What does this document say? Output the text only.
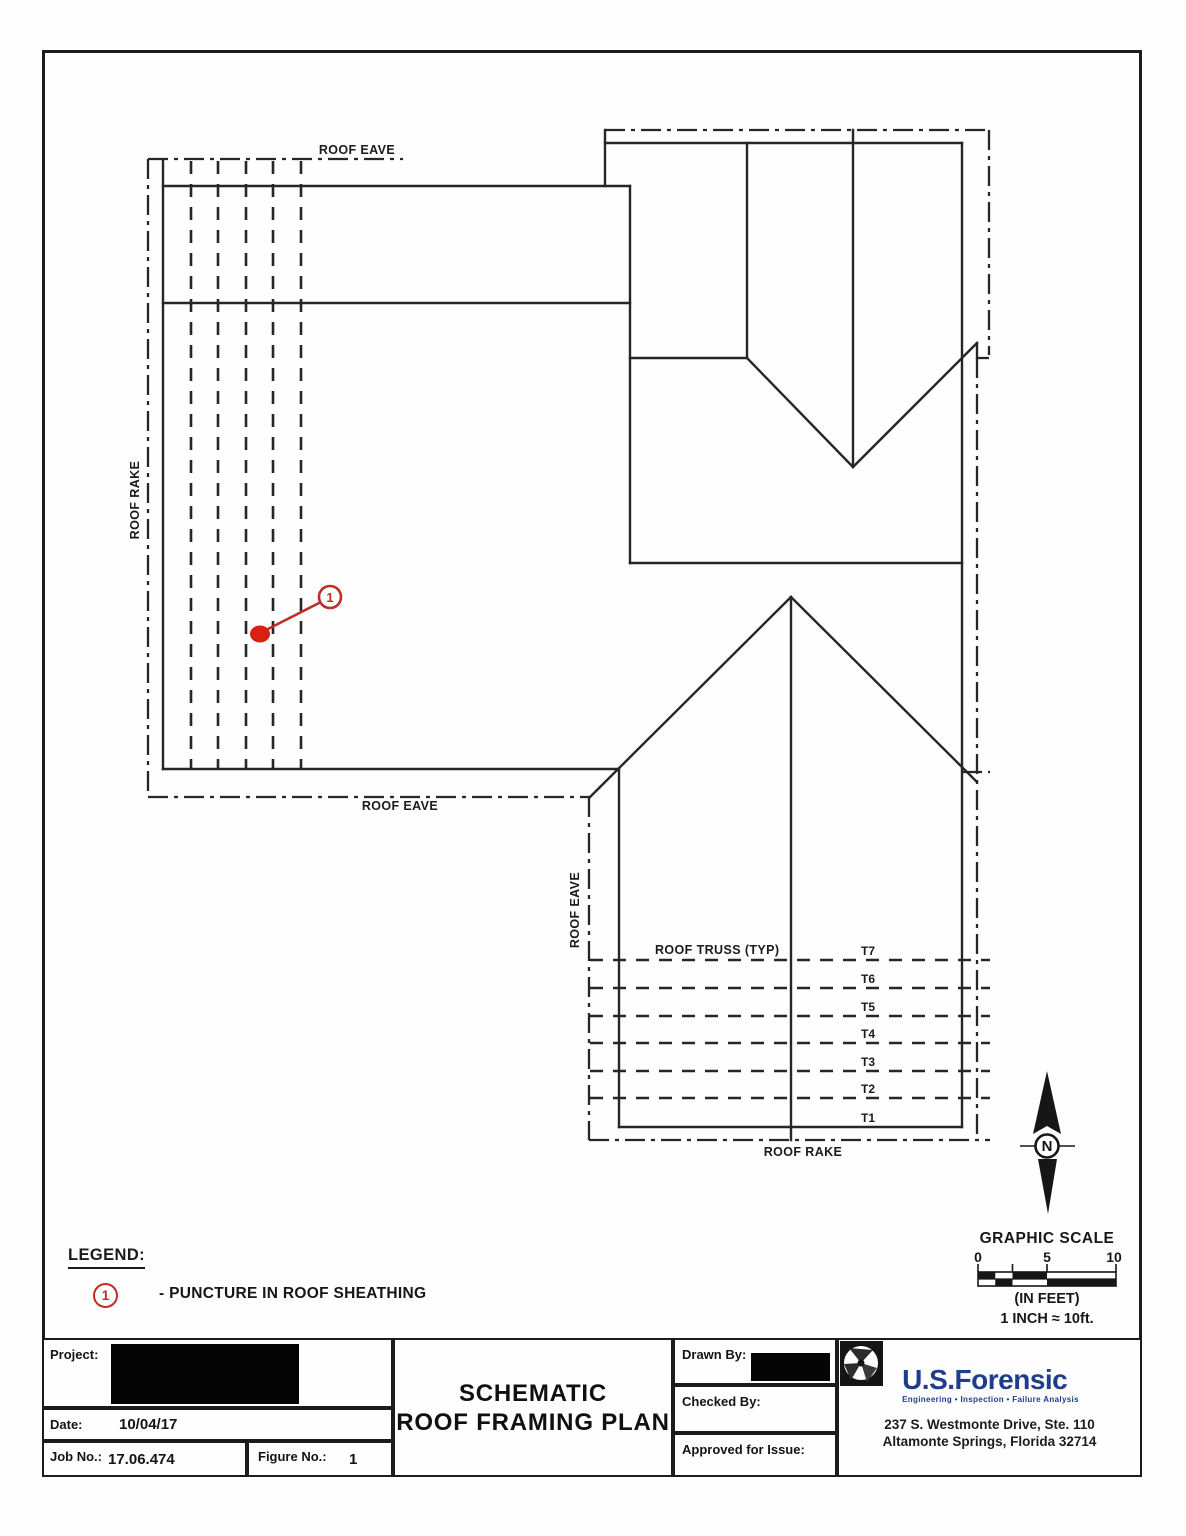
ROOF EAVE
ROOF RAKE
ROOF EAVE
ROOF EAVE
ROOF TRUSS (TYP)
ROOF RAKE
T7
T6
T5
T4
T3
T2
T1
1
N
GRAPHIC SCALE
0	5	10
(IN FEET)
1 INCH ≈ 10ft.
LEGEND:
1	- PUNCTURE IN ROOF SHEATHING
Project:
Date: 10/04/17
Job No.: 17.06.474	Figure No.: 1
SCHEMATIC
ROOF FRAMING PLAN
Drawn By:
Checked By:
Approved for Issue:
U.S.Forensic
Engineering • Inspection • Failure Analysis
237 S. Westmonte Drive, Ste. 110
Altamonte Springs, Florida 32714
